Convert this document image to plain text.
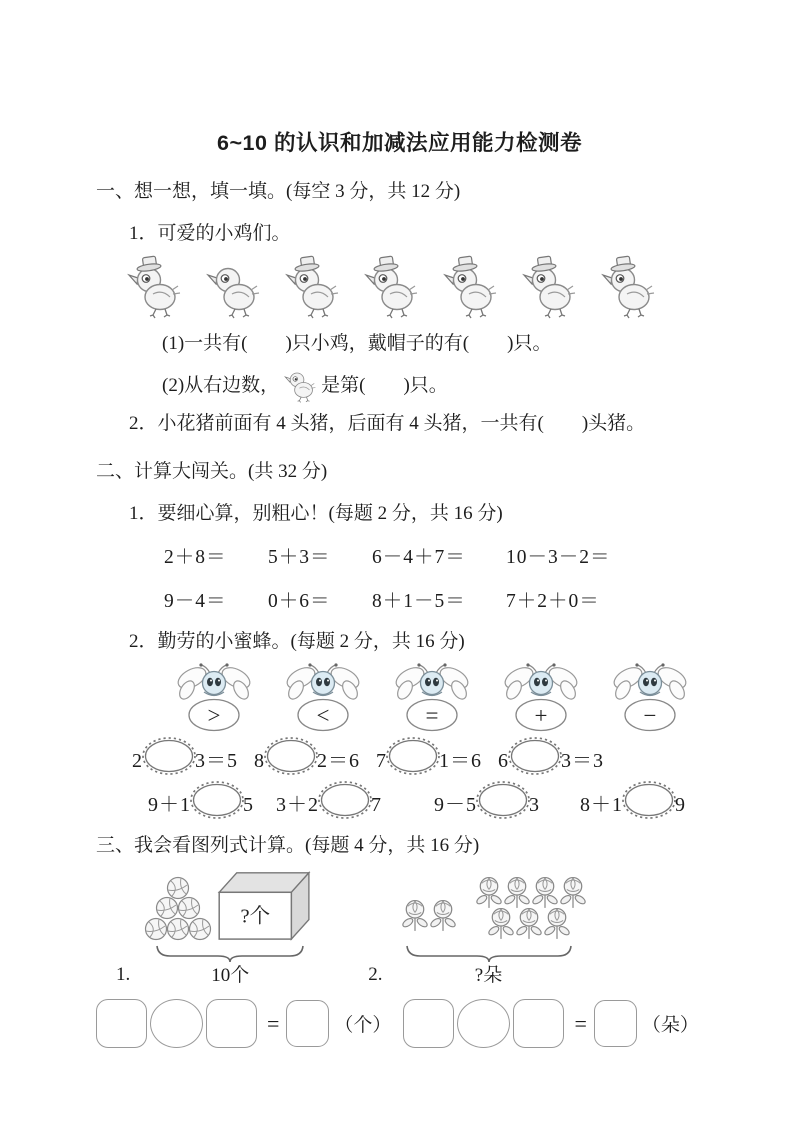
6~10 的认识和加减法应用能力检测卷
一、想一想，填一填。(每空 3 分，共 12 分)
1．可爱的小鸡们。
(1)一共有(　　)只小鸡，戴帽子的有(　　)只。
(2)从右边数， 是第(　　)只。
2．小花猪前面有 4 头猪，后面有 4 头猪，一共有(　　)头猪。
二、计算大闯关。(共 32 分)
1．要细心算，别粗心！(每题 2 分，共 16 分)
2＋8＝	5＋3＝	6－4＋7＝	10－3－2＝
9－4＝	0＋6＝	8＋1－5＝	7＋2＋0＝
2．勤劳的小蜜蜂。(每题 2 分，共 16 分)
>	<	=	+	−
2	3＝5 8	2＝6 7	1＝6 6	3＝3
9＋1	5 3＋2	7	9－5	3 8＋1	9
三、我会看图列式计算。(每题 4 分，共 16 分)
1.
?个
10个	2.	?朵
=	（个）	=	（朵）
